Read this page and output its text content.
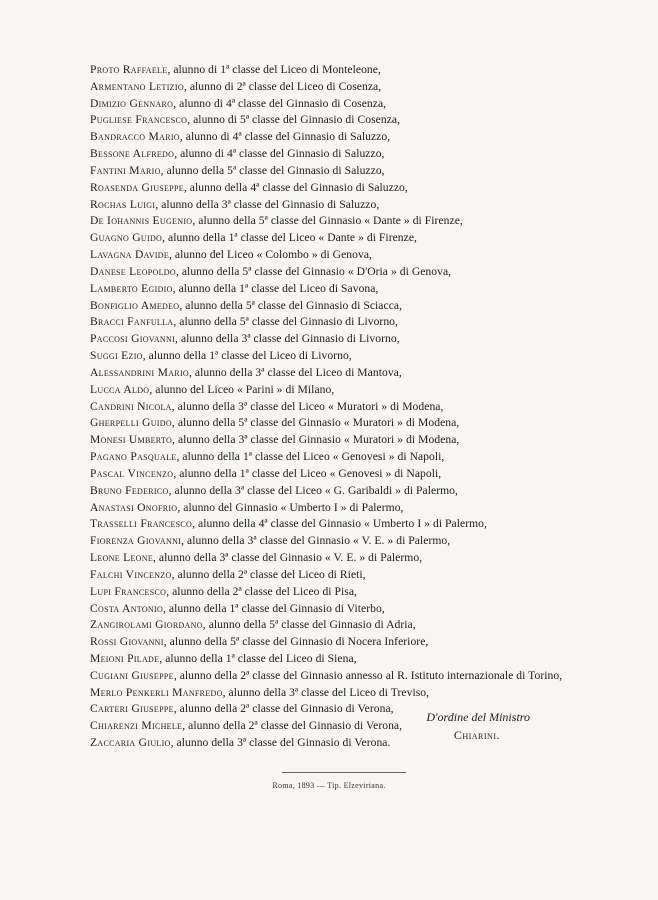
Proto Raffaele, alunno di 1ª classe del Liceo di Monteleone,
Armentano Letizio, alunno di 2ª classe del Liceo di Cosenza,
Dimizio Gennaro, alunno di 4ª classe del Ginnasio di Cosenza,
Pugliese Francesco, alunno di 5ª classe del Ginnasio di Cosenza,
Bandracco Mario, alunno di 4ª classe del Ginnasio di Saluzzo,
Bessone Alfredo, alunno di 4ª classe del Ginnasio di Saluzzo,
Fantini Mario, alunno della 5ª classe del Ginnasio di Saluzzo,
Roasenda Giuseppe, alunno della 4ª classe del Ginnasio di Saluzzo,
Rochas Luigi, alunno della 3ª classe del Ginnasio di Saluzzo,
De Iohannis Eugenio, alunno della 5ª classe del Ginnasio « Dante » di Firenze,
Guagno Guido, alunno della 1ª classe del Liceo « Dante » di Firenze,
Lavagna Davide, alunno del Liceo « Colombo » di Genova,
Danese Leopoldo, alunno della 5ª classe del Ginnasio « D'Oria » di Genova,
Lamberto Egidio, alunno della 1ª classe del Liceo di Savona,
Bonfiglio Amedeo, alunno della 5ª classe del Ginnasio di Sciacca,
Bracci Fanfulla, alunno della 5ª classe del Ginnasio di Livorno,
Paccosi Giovanni, alunno della 3ª classe del Ginnasio di Livorno,
Suggi Ezio, alunno della 1ª classe del Liceo di Livorno,
Alessandrini Mario, alunno della 3ª classe del Liceo di Mantova,
Lucca Aldo, alunno del Liceo « Parini » di Milano,
Candrini Nicola, alunno della 3ª classe del Liceo « Muratori » di Modena,
Gherpelli Guido, alunno della 5ª classe del Ginnasio « Muratori » di Modena,
Monesi Umberto, alunno della 3ª classe del Ginnasio « Muratori » di Modena,
Pagano Pasquale, alunno della 1ª classe del Liceo « Genovesi » di Napoli,
Pascal Vincenzo, alunno della 1ª classe del Liceo « Genovesi » di Napoli,
Bruno Federico, alunno della 3ª classe del Liceo « G. Garibaldi » di Palermo,
Anastasi Onofrio, alunno del Ginnasio « Umberto I » di Palermo,
Trasselli Francesco, alunno della 4ª classe del Ginnasio « Umberto I » di Palermo,
Fiorenza Giovanni, alunno della 3ª classe del Ginnasio « V. E. » di Palermo,
Leone Leone, alunno della 3ª classe del Ginnasio « V. E. » di Palermo,
Falchi Vincenzo, alunno della 2ª classe del Liceo di Rieti,
Lupi Francesco, alunno della 2ª classe del Liceo di Pisa,
Costa Antonio, alunno della 1ª classe del Ginnasio di Viterbo,
Zangirolami Giordano, alunno della 5ª classe del Ginnasio di Adria,
Rossi Giovanni, alunno della 5ª classe del Ginnasio di Nocera Inferiore,
Meioni Pilade, alunno della 1ª classe del Liceo di Siena,
Cugiani Giuseppe, alunno della 2ª classe del Ginnasio annesso al R. Istituto internazionale di Torino,
Merlo Penkerli Manfredo, alunno della 3ª classe del Liceo di Treviso,
Carteri Giuseppe, alunno della 2ª classe del Ginnasio di Verona,
Chiarenzi Michele, alunno della 2ª classe del Ginnasio di Verona,
Zaccaria Giulio, alunno della 3ª classe del Ginnasio di Verona.
D'ordine del Ministro
Chiarini.
Roma, 1893 — Tip. Elzeviriana.
